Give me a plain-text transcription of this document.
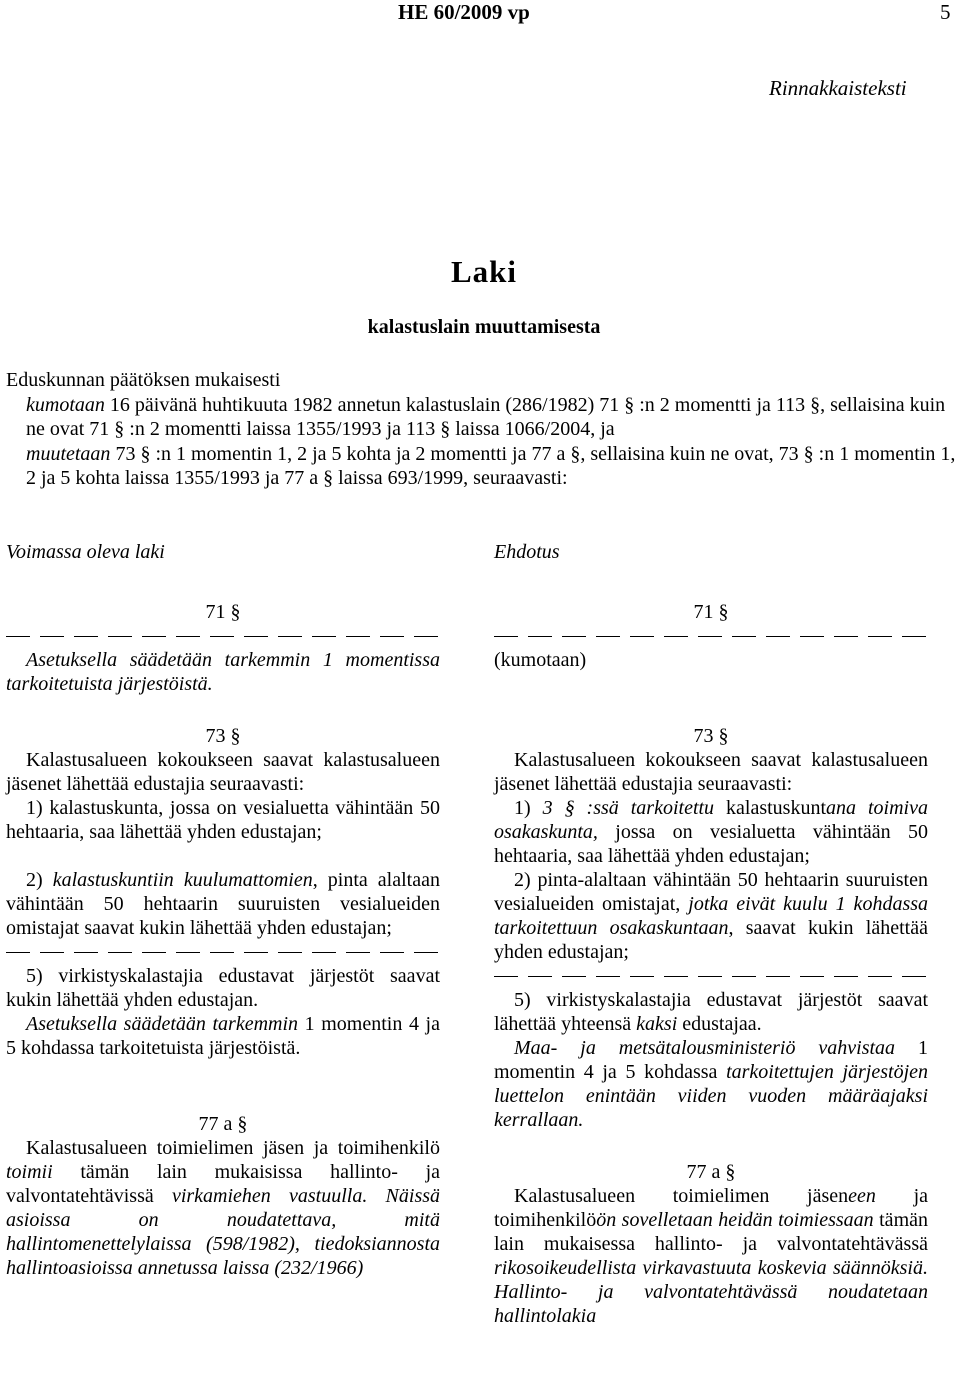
HE 60/2009 vp	5
Rinnakkaisteksti
Laki
kalastuslain muuttamisesta

Eduskunnan päätöksen mukaisesti

kumotaan 16 päivänä huhtikuuta 1982 annetun kalastuslain (286/1982) 71 § :n 2 momentti ja 113 §, sellaisina kuin ne ovat 71 § :n 2 momentti laissa 1355/1993 ja 113 § laissa 1066/2004, ja

muutetaan 73 § :n 1 momentin 1, 2 ja 5 kohta ja 2 momentti ja 77 a §, sellaisina kuin ne ovat, 73 § :n 1 momentin 1, 2 ja 5 kohta laissa 1355/1993 ja 77 a § laissa 693/1999, seuraavasti:

Voimassa oleva laki

71 §

Asetuksella säädetään tarkemmin 1 momentissa tarkoitetuista järjestöistä.

73 §

Kalastusalueen kokoukseen saavat kalastusalueen jäsenet lähettää edustajia seuraavasti:

1) kalastuskunta, jossa on vesialuetta vähintään 50 hehtaaria, saa lähettää yhden edustajan;

2) kalastuskuntiin kuulumattomien, pinta alaltaan vähintään 50 hehtaarin suuruisten vesialueiden omistajat saavat kukin lähettää yhden edustajan;

5) virkistyskalastajia edustavat järjestöt saavat kukin lähettää yhden edustajan.

Asetuksella säädetään tarkemmin 1 momentin 4 ja 5 kohdassa tarkoitetuista järjestöistä.

77 a §

Kalastusalueen toimielimen jäsen ja toimihenkilö toimii tämän lain mukaisissa hallinto- ja valvontatehtävissä virkamiehen vastuulla. Näissä asioissa on noudatettava, mitä hallintomenettelylaissa (598/1982), tiedoksiannosta hallintoasioissa annetussa laissa (232/1966)

Ehdotus

71 §

(kumotaan)

73 §

Kalastusalueen kokoukseen saavat kalastusalueen jäsenet lähettää edustajia seuraavasti:

1) 3 § :ssä tarkoitettu kalastuskuntana toimiva osakaskunta, jossa on vesialuetta vähintään 50 hehtaaria, saa lähettää yhden edustajan;

2) pinta-alaltaan vähintään 50 hehtaarin suuruisten vesialueiden omistajat, jotka eivät kuulu 1 kohdassa tarkoitettuun osakaskuntaan, saavat kukin lähettää yhden edustajan;

5) virkistyskalastajia edustavat järjestöt saavat lähettää yhteensä kaksi edustajaa.

Maa- ja metsätalousministeriö vahvistaa 1 momentin 4 ja 5 kohdassa tarkoitettujen järjestöjen luettelon enintään viiden vuoden määräajaksi kerrallaan.

77 a §

Kalastusalueen toimielimen jäseneen ja toimihenkilöön sovelletaan heidän toimiessaan tämän lain mukaisessa hallinto- ja valvontatehtävässä rikosoikeudellista virkavastuuta koskevia säännöksiä. Hallinto- ja valvontatehtävässä noudatetaan hallintolakia
